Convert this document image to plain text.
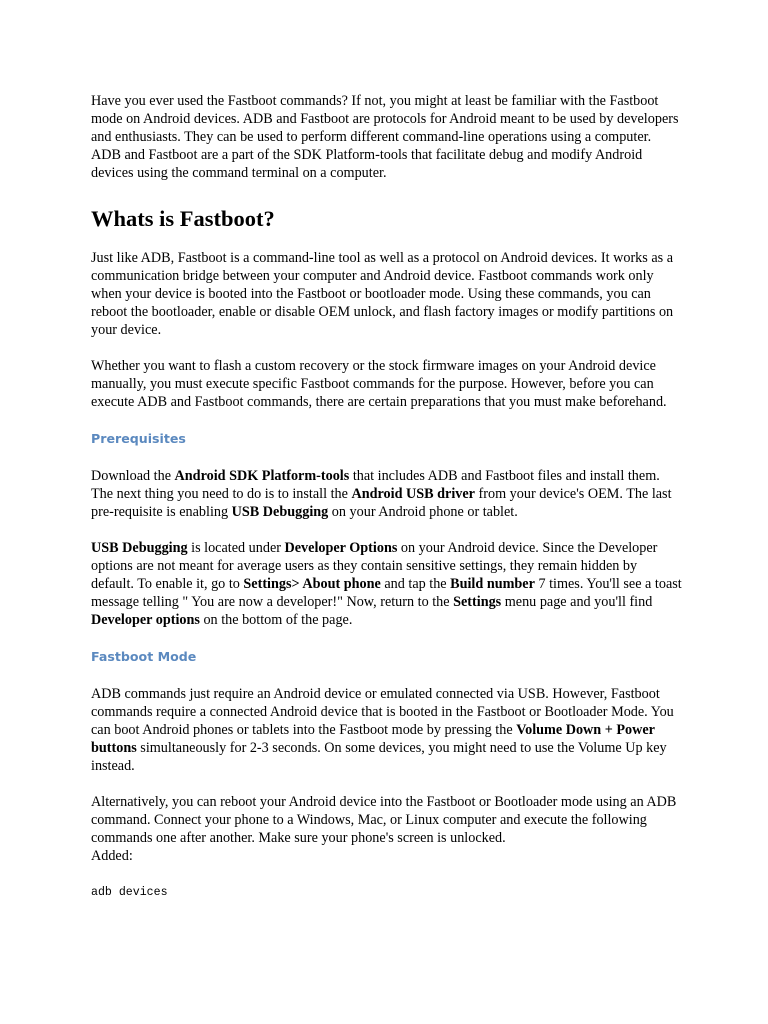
Have you ever used the Fastboot commands? If not, you might at least be familiar with the Fastboot mode on Android devices. ADB and Fastboot are protocols for Android meant to be used by developers and enthusiasts. They can be used to perform different command-line operations using a computer. ADB and Fastboot are a part of the SDK Platform-tools that facilitate debug and modify Android devices using the command terminal on a computer.

Whats is Fastboot?

Just like ADB, Fastboot is a command-line tool as well as a protocol on Android devices. It works as a communication bridge between your computer and Android device. Fastboot commands work only when your device is booted into the Fastboot or bootloader mode. Using these commands, you can reboot the bootloader, enable or disable OEM unlock, and flash factory images or modify partitions on your device.

Whether you want to flash a custom recovery or the stock firmware images on your Android device manually, you must execute specific Fastboot commands for the purpose. However, before you can execute ADB and Fastboot commands, there are certain preparations that you must make beforehand.

Prerequisites

Download the Android SDK Platform-tools that includes ADB and Fastboot files and install them. The next thing you need to do is to install the Android USB driver from your device's OEM. The last pre-requisite is enabling USB Debugging on your Android phone or tablet.

USB Debugging is located under Developer Options on your Android device. Since the Developer options are not meant for average users as they contain sensitive settings, they remain hidden by default. To enable it, go to Settings> About phone and tap the Build number 7 times. You'll see a toast message telling " You are now a developer!" Now, return to the Settings menu page and you'll find Developer options on the bottom of the page.

Fastboot Mode

ADB commands just require an Android device or emulated connected via USB. However, Fastboot commands require a connected Android device that is booted in the Fastboot or Bootloader Mode. You can boot Android phones or tablets into the Fastboot mode by pressing the Volume Down + Power buttons simultaneously for 2-3 seconds. On some devices, you might need to use the Volume Up key instead.

Alternatively, you can reboot your Android device into the Fastboot or Bootloader mode using an ADB command. Connect your phone to a Windows, Mac, or Linux computer and execute the following commands one after another. Make sure your phone's screen is unlocked.

Added:

adb devices
